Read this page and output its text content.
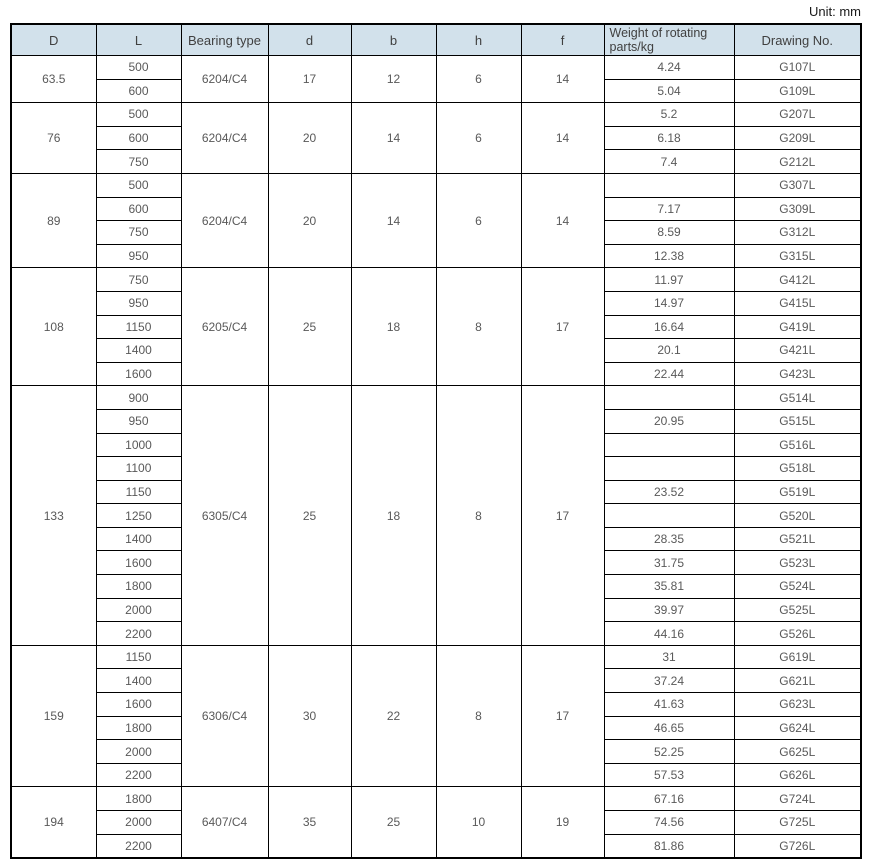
Unit: mm
D	L	Bearing type	d	b	h	f	Weight of rotating parts/kg	Drawing No.
63.5	500	6204/C4	17	12	6	14	4.24	G107L
	600						5.04	G109L
76	500	6204/C4	20	14	6	14	5.2	G207L
	600						6.18	G209L
	750						7.4	G212L
89	500	6204/C4	20	14	6	14		G307L
	600						7.17	G309L
	750						8.59	G312L
	950						12.38	G315L
108	750	6205/C4	25	18	8	17	11.97	G412L
	950						14.97	G415L
	1150						16.64	G419L
	1400						20.1	G421L
	1600						22.44	G423L
133	900	6305/C4	25	18	8	17		G514L
	950						20.95	G515L
	1000							G516L
	1100							G518L
	1150						23.52	G519L
	1250							G520L
	1400						28.35	G521L
	1600						31.75	G523L
	1800						35.81	G524L
	2000						39.97	G525L
	2200						44.16	G526L
159	1150	6306/C4	30	22	8	17	31	G619L
	1400						37.24	G621L
	1600						41.63	G623L
	1800						46.65	G624L
	2000						52.25	G625L
	2200						57.53	G626L
194	1800	6407/C4	35	25	10	19	67.16	G724L
	2000						74.56	G725L
	2200						81.86	G726L
